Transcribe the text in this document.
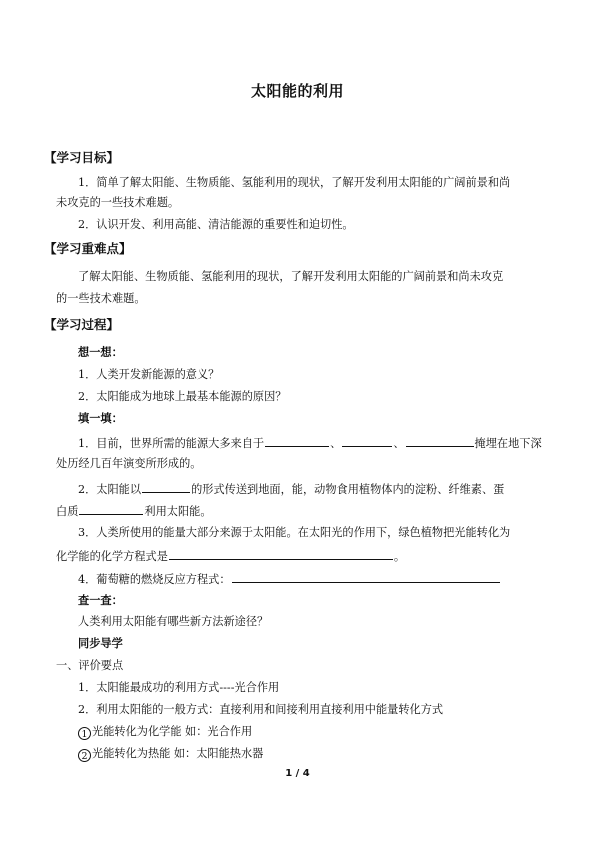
太阳能的利用
【学习目标】
1．简单了解太阳能、生物质能、氢能利用的现状，了解开发利用太阳能的广阔前景和尚
未攻克的一些技术难题。
2．认识开发、利用高能、清洁能源的重要性和迫切性。
【学习重难点】
了解太阳能、生物质能、氢能利用的现状，了解开发利用太阳能的广阔前景和尚未攻克
的一些技术难题。
【学习过程】
想一想：
1．人类开发新能源的意义？
2．太阳能成为地球上最基本能源的原因？
填一填：
1．目前，世界所需的能源大多来自于	、	、	掩埋在地下深
处历经几百年演变所形成的。
2．太阳能以	的形式传送到地面，能，动物食用植物体内的淀粉、纤维素、蛋
白质	利用太阳能。
3．人类所使用的能量大部分来源于太阳能。在太阳光的作用下，绿色植物把光能转化为
化学能的化学方程式是	。
4．葡萄糖的燃烧反应方程式：
查一查：
人类利用太阳能有哪些新方法新途径？
同步导学
一、评价要点
1．太阳能最成功的利用方式----光合作用
2．利用太阳能的一般方式：直接利用和间接利用直接利用中能量转化方式
1 光能转化为化学能 如：光合作用
2 光能转化为热能 如：太阳能热水器
1 / 4
